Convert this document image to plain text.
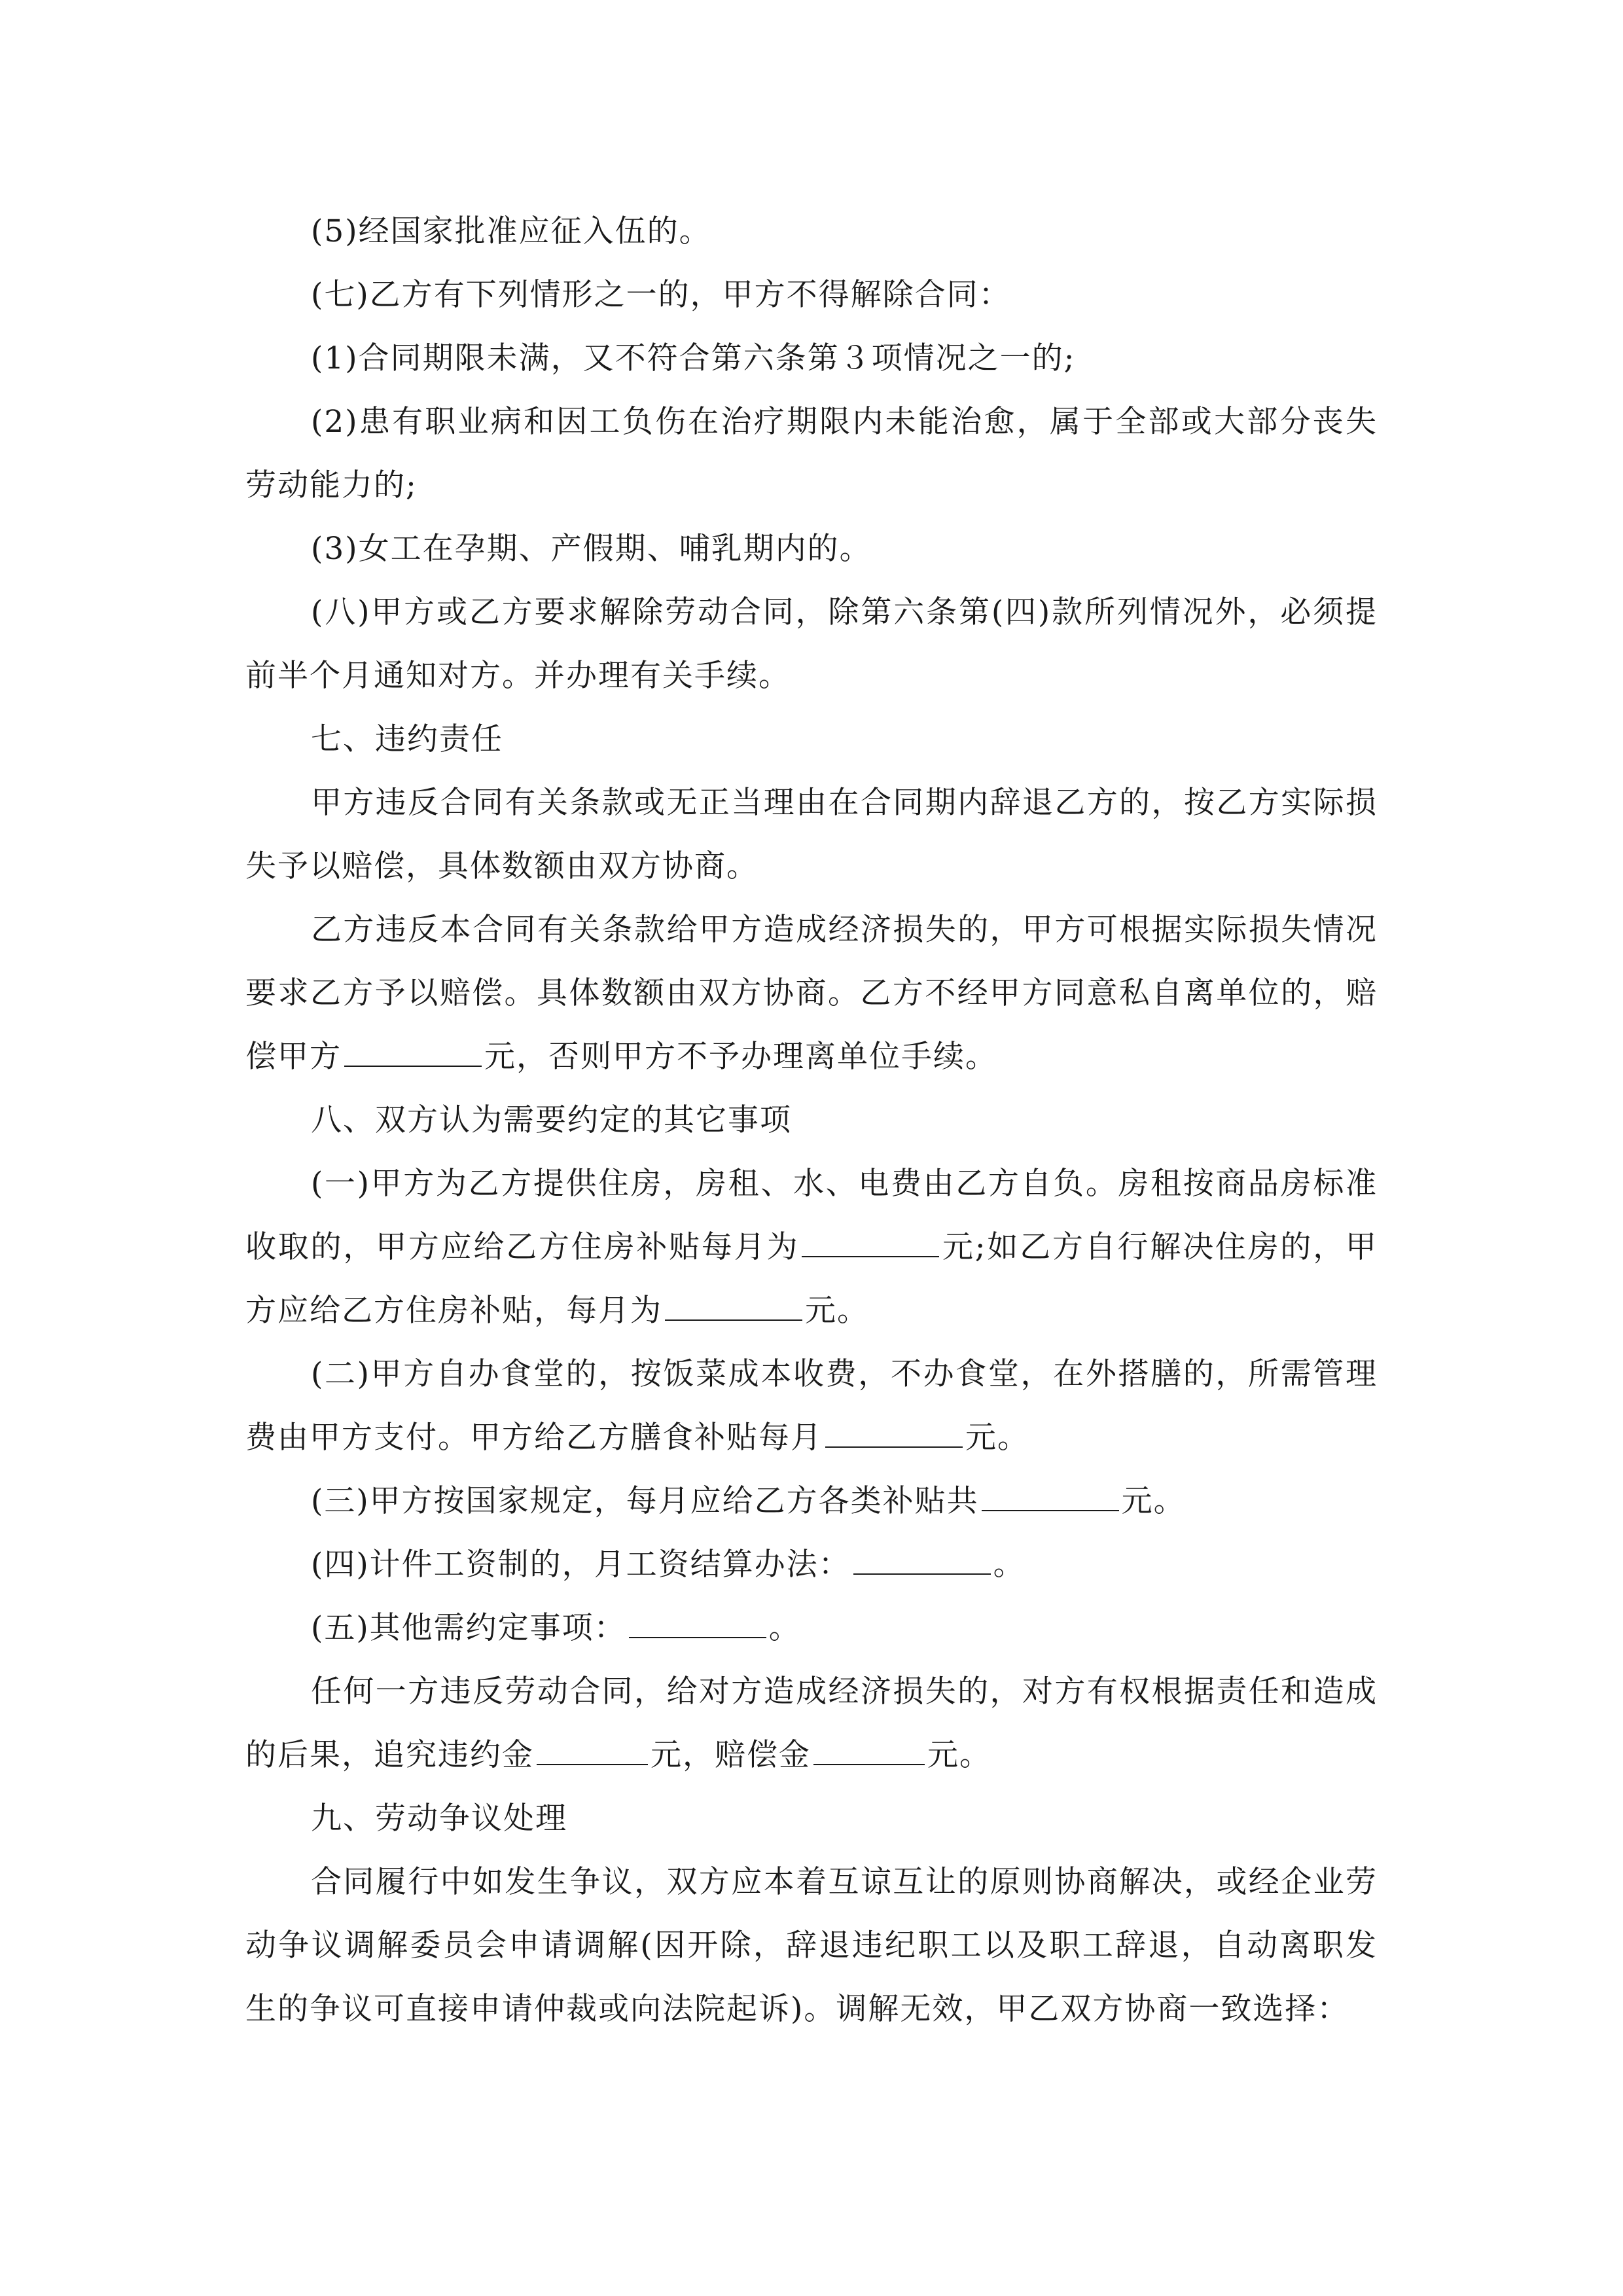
(5)经国家批准应征入伍的。

(七)乙方有下列情形之一的，甲方不得解除合同：

(1)合同期限未满，又不符合第六条第３项情况之一的;

(2)患有职业病和因工负伤在治疗期限内未能治愈，属于全部或大部分丧失劳动能力的;

(3)女工在孕期、产假期、哺乳期内的。

(八)甲方或乙方要求解除劳动合同，除第六条第(四)款所列情况外，必须提前半个月通知对方。并办理有关手续。

七、违约责任

甲方违反合同有关条款或无正当理由在合同期内辞退乙方的，按乙方实际损失予以赔偿，具体数额由双方协商。

乙方违反本合同有关条款给甲方造成经济损失的，甲方可根据实际损失情况要求乙方予以赔偿。具体数额由双方协商。乙方不经甲方同意私自离单位的，赔偿甲方	元，否则甲方不予办理离单位手续。

八、双方认为需要约定的其它事项

(一)甲方为乙方提供住房，房租、水、电费由乙方自负。房租按商品房标准收取的，甲方应给乙方住房补贴每月为	元;如乙方自行解决住房的，甲方应给乙方住房补贴，每月为	元。

(二)甲方自办食堂的，按饭菜成本收费，不办食堂，在外搭膳的，所需管理费由甲方支付。甲方给乙方膳食补贴每月	元。

(三)甲方按国家规定，每月应给乙方各类补贴共	元。

(四)计件工资制的，月工资结算办法：	。

(五)其他需约定事项：	。

任何一方违反劳动合同，给对方造成经济损失的，对方有权根据责任和造成的后果，追究违约金	元，赔偿金	元。

九、劳动争议处理

合同履行中如发生争议，双方应本着互谅互让的原则协商解决，或经企业劳动争议调解委员会申请调解(因开除，辞退违纪职工以及职工辞退，自动离职发生的争议可直接申请仲裁或向法院起诉)。调解无效，甲乙双方协商一致选择：
